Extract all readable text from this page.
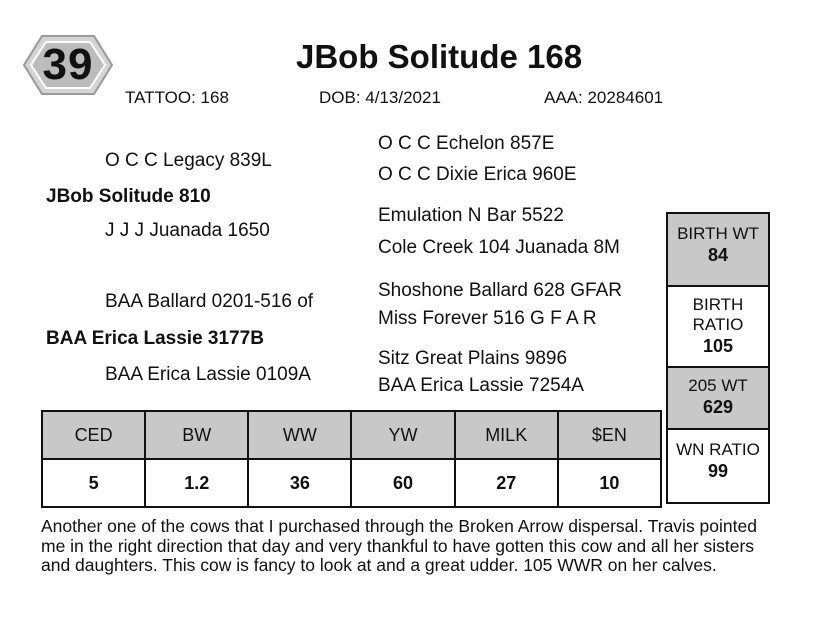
39	JBob Solitude 168
TATTOO: 168	DOB: 4/13/2021	AAA: 20284601
O C C Legacy 839L
JBob Solitude 810
J J J Juanada 1650
BAA Ballard 0201-516 of
BAA Erica Lassie 3177B
BAA Erica Lassie 0109A
O C C Echelon 857E
O C C Dixie Erica 960E
Emulation N Bar 5522
Cole Creek 104 Juanada 8M
Shoshone Ballard 628 GFAR
Miss Forever 516 G F A R
Sitz Great Plains 9896
BAA Erica Lassie 7254A
CED	BW	WW	YW	MILK	$EN
5	1.2	36	60	27	10
BIRTH WT
84
BIRTH
RATIO
105
205 WT
629
WN RATIO
99
Another one of the cows that I purchased through the Broken Arrow dispersal. Travis pointed me in the right direction that day and very thankful to have gotten this cow and all her sisters and daughters. This cow is fancy to look at and a great udder. 105 WWR on her calves.
